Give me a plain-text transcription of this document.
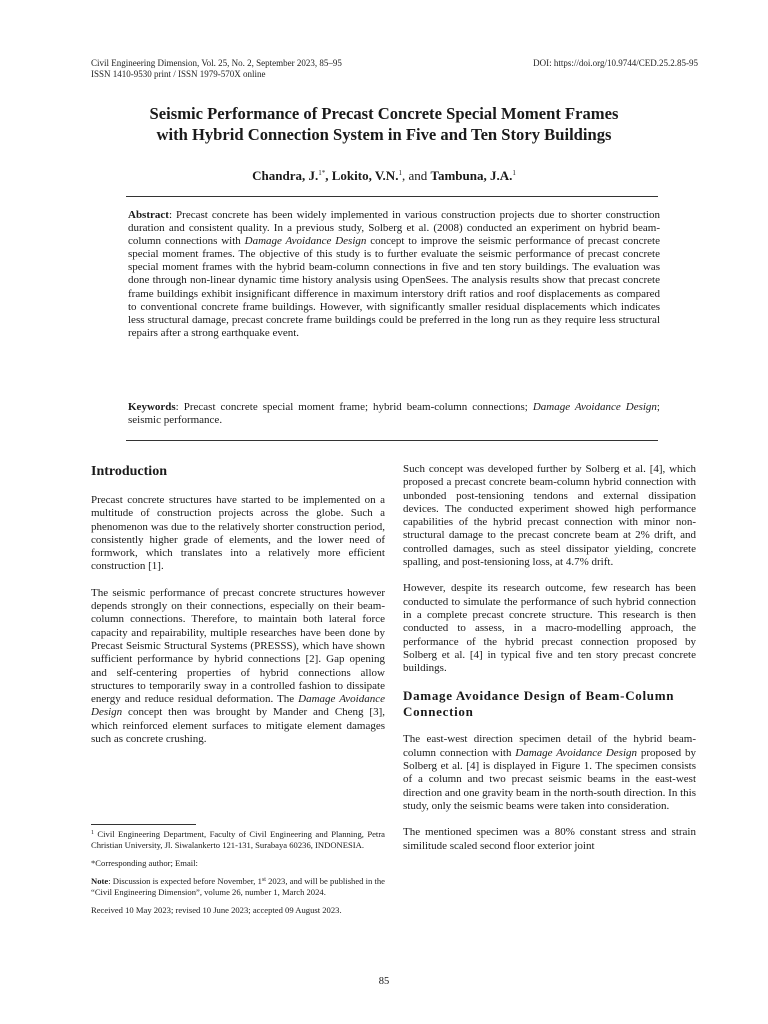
Civil Engineering Dimension, Vol. 25, No. 2, September 2023, 85–95
ISSN 1410-9530 print / ISSN 1979-570X online
DOI: https://doi.org/10.9744/CED.25.2.85-95
Seismic Performance of Precast Concrete Special Moment Frames
with Hybrid Connection System in Five and Ten Story Buildings
Chandra, J.$^{1*}$, Lokito, V.N.$^1$, and Tambuna, J.A.$^1$
Abstract: Precast concrete has been widely implemented in various construction projects due to shorter construction duration and consistent quality. In a previous study, Solberg et al. (2008) conducted an experiment on hybrid beam-column connections with Damage Avoidance Design concept to improve the seismic performance of precast concrete special moment frames. The objective of this study is to further evaluate the seismic performance of precast concrete special moment frames with the hybrid beam-column connections in five and ten story buildings. The evaluation was done through non-linear dynamic time history analysis using OpenSees. The analysis results show that precast concrete frame buildings exhibit insignificant difference in maximum interstory drift ratios and roof displacements as compared to conventional concrete frame buildings. However, with significantly smaller residual displacements which indicates less structural damage, precast concrete frame buildings could be preferred in the long run as they require less structural repairs after a strong earthquake event.
Keywords: Precast concrete special moment frame; hybrid beam-column connections; Damage Avoidance Design; seismic performance.
Introduction

Precast concrete structures have started to be implemented on a multitude of construction projects across the globe. Such a phenomenon was due to the relatively shorter construction period, consistently higher grade of elements, and the lower need of formwork, which translates into a relatively more efficient construction [1].

The seismic performance of precast concrete structures however depends strongly on their connections, especially on their beam-column connections. Therefore, to maintain both lateral force capacity and repairability, multiple researches have been done by Precast Seismic Structural Systems (PRESSS), which have shown sufficient performance by hybrid connections [2]. Gap opening and self-centering properties of hybrid connections allow structures to temporarily sway in a controlled fashion to dissipate energy and reduce residual deformation. The Damage Avoidance Design concept then was brought by Mander and Cheng [3], which reinforced element surfaces to mitigate element damages such as concrete crushing.

$^1$ Civil Engineering Department, Faculty of Civil Engineering and Planning, Petra Christian University, Jl. Siwalankerto 121-131, Surabaya 60236, INDONESIA.

*Corresponding author; Email:

Note: Discussion is expected before November, 1st 2023, and will be published in the “Civil Engineering Dimension”, volume 26, number 1, March 2024.

Received 10 May 2023; revised 10 June 2023; accepted 09 August 2023.

Such concept was developed further by Solberg et al. [4], which proposed a precast concrete beam-column hybrid connection with unbonded post-tensioning tendons and external dissipation devices. The conducted experiment showed high performance capabilities of the hybrid precast connection with minor non-structural damage to the precast concrete beam at 2% drift, and controlled damages, such as steel dissipator yielding, concrete spalling, and post-tensioning loss, at 4.7% drift.

However, despite its research outcome, few research has been conducted to simulate the performance of such hybrid connection in a complete precast concrete structure. This research is then conducted to assess, in a macro-modelling approach, the performance of the hybrid precast connection proposed by Solberg et al. [4] in typical five and ten story precast concrete buildings.

Damage Avoidance Design of Beam-Column Connection

The east-west direction specimen detail of the hybrid beam-column connection with Damage Avoidance Design proposed by Solberg et al. [4] is displayed in Figure 1. The specimen consists of a column and two precast seismic beams in the east-west direction and one gravity beam in the north-south direction. In this study, only the seismic beams were taken into consideration.

The mentioned specimen was a 80% constant stress and strain similitude scaled second floor exterior joint

85
